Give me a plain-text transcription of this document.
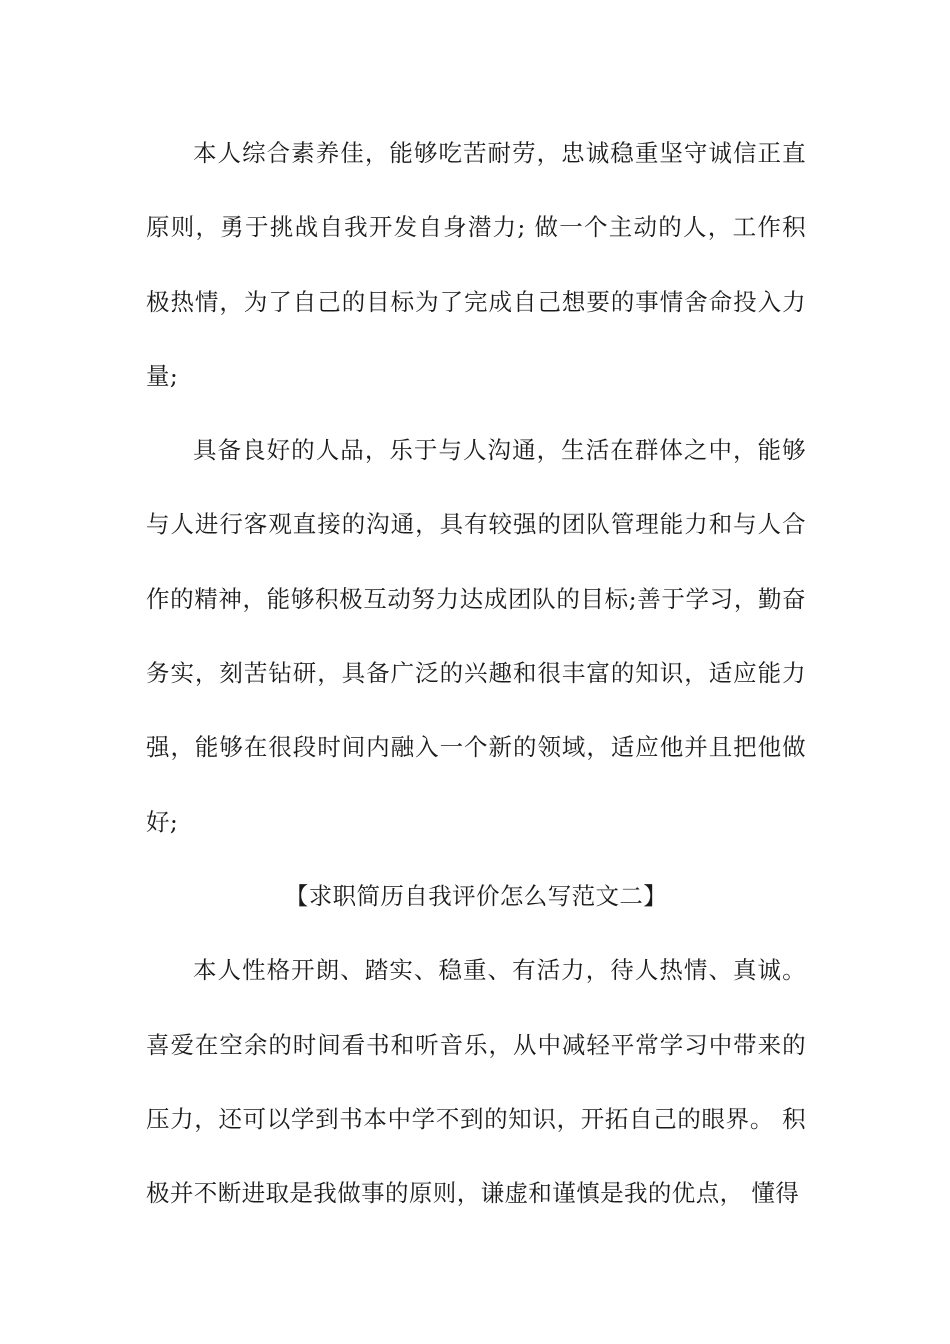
本人综合素养佳，能够吃苦耐劳，忠诚稳重坚守诚信正直原则，勇于挑战自我开发自身潜力; 做一个主动的人，工作积极热情，为了自己的目标为了完成自己想要的事情舍命投入力量;

具备良好的人品，乐于与人沟通，生活在群体之中，能够与人进行客观直接的沟通，具有较强的团队管理能力和与人合作的精神，能够积极互动努力达成团队的目标;善于学习，勤奋务实，刻苦钻研，具备广泛的兴趣和很丰富的知识，适应能力强，能够在很段时间内融入一个新的领域，适应他并且把他做好;

【求职简历自我评价怎么写范文二】

本人性格开朗、踏实、稳重、有活力，待人热情、真诚。喜爱在空余的时间看书和听音乐，从中减轻平常学习中带来的压力，还可以学到书本中学不到的知识，开拓自己的眼界。 积极并不断进取是我做事的原则，谦虚和谨慎是我的优点， 懂得
